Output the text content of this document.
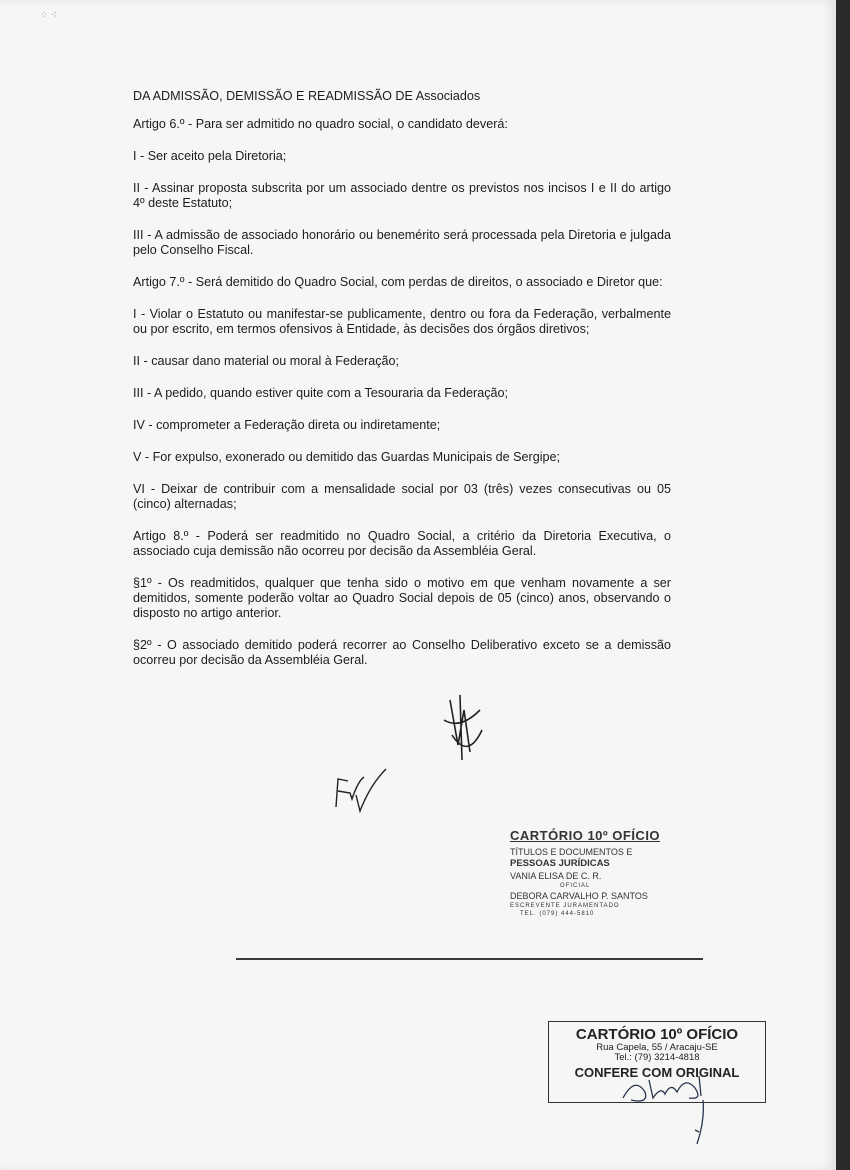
⁘ ⁖
DA ADMISSÃO, DEMISSÃO E READMISSÃO DE Associados

Artigo 6.º - Para ser admitido no quadro social, o candidato deverá:

I - Ser aceito pela Diretoria;

II - Assinar proposta subscrita por um associado dentre os previstos nos incisos I e II do artigo 4º deste Estatuto;

III - A admissão de associado honorário ou benemérito será processada pela Diretoria e julgada pelo Conselho Fiscal.

Artigo 7.º - Será demitido do Quadro Social, com perdas de direitos, o associado e Diretor que:

I - Violar o Estatuto ou manifestar-se publicamente, dentro ou fora da Federação, verbalmente ou por escrito, em termos ofensivos à Entidade, às decisões dos órgãos diretivos;

II - causar dano material ou moral à Federação;

III - A pedido, quando estiver quite com a Tesouraria da Federação;

IV - comprometer a Federação direta ou indiretamente;

V - For expulso, exonerado ou demitido das Guardas Municipais de Sergipe;

VI - Deixar de contribuir com a mensalidade social por 03 (três) vezes consecutivas ou 05 (cinco) alternadas;

Artigo 8.º - Poderá ser readmitido no Quadro Social, a critério da Diretoria Executiva, o associado cuja demissão não ocorreu por decisão da Assembléia Geral.

§1º - Os readmitidos, qualquer que tenha sido o motivo em que venham novamente a ser demitidos, somente poderão voltar ao Quadro Social depois de 05 (cinco) anos, observando o disposto no artigo anterior.

§2º - O associado demitido poderá recorrer ao Conselho Deliberativo exceto se a demissão ocorreu por decisão da Assembléia Geral.

CARTÓRIO 10º OFÍCIO
TÍTULOS E DOCUMENTOS E
PESSOAS JURÍDICAS
VANIA ELISA DE C. R.
OFICIAL
DEBORA CARVALHO P. SANTOS
ESCREVENTE JURAMENTADO
TEL. (079) 444-5810
CARTÓRIO 10º OFÍCIO
Rua Capela, 55 / Aracaju-SE
Tel.: (79) 3214-4818
CONFERE COM ORIGINAL
